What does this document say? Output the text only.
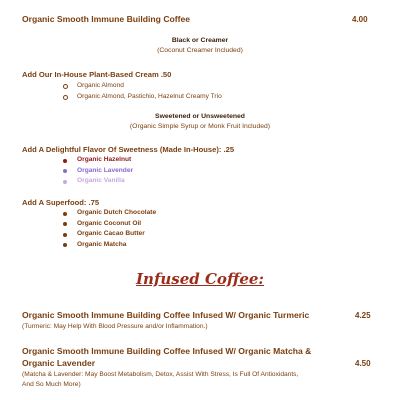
Organic Smooth Immune Building Coffee	4.00
Black or Creamer
(Coconut Creamer Included)
Add Our In-House Plant-Based Cream .50
Organic Almond
Organic Almond, Pastichio, Hazelnut Creamy Trio
Sweetened or Unsweetened
(Organic Simple Syrup or Monk Fruit Included)
Add A Delightful Flavor Of Sweetness (Made In-House): .25
Organic Hazelnut
Organic Lavender
Organic Vanilla
Add A Superfood: .75
Organic Dutch Chocolate
Organic Coconut Oil
Organic Cacao Butter
Organic Matcha
Infused Coffee:
Organic Smooth Immune Building Coffee Infused W/ Organic Turmeric	4.25
(Turmeric: May Help With Blood Pressure and/or Inflammation.)
Organic Smooth Immune Building Coffee Infused W/ Organic Matcha &
Organic Lavender	4.50
(Matcha & Lavender: May Boost Metabolism, Detox, Assist With Stress, Is Full Of Antioxidants,
And So Much More)
